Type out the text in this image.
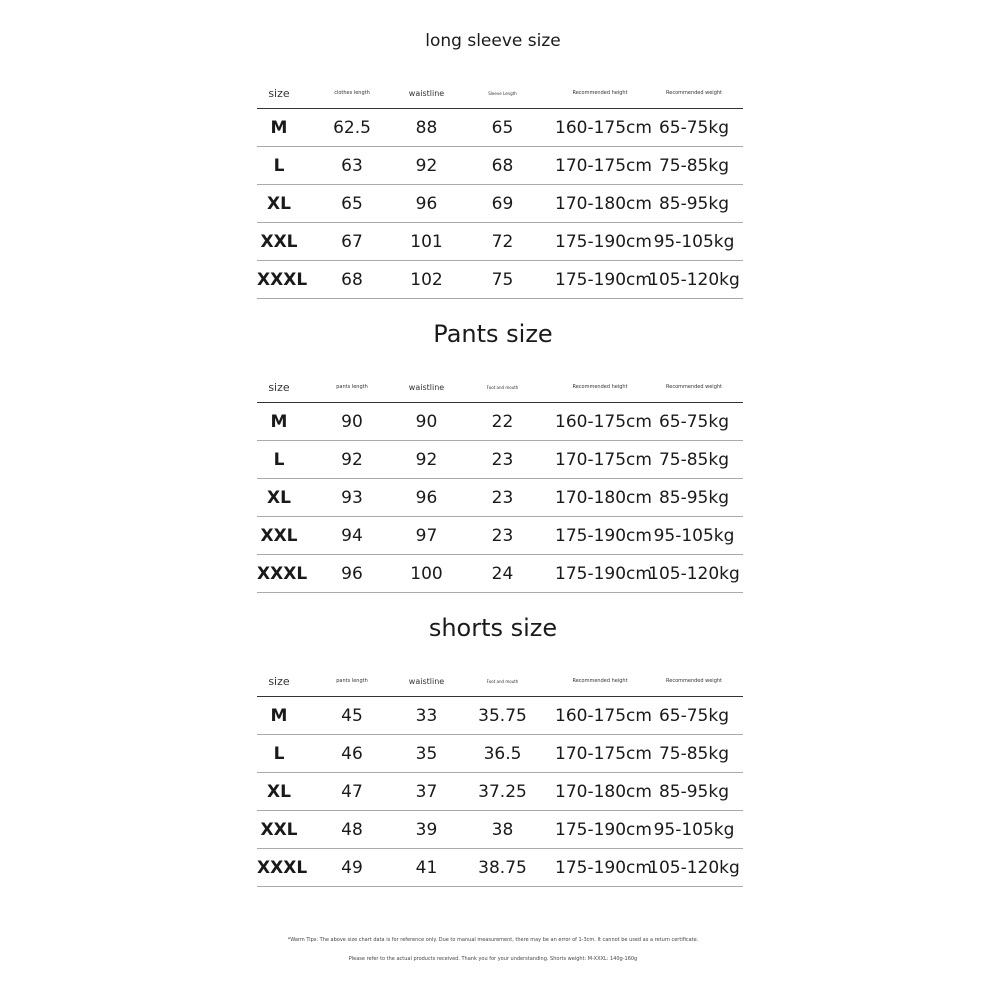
long sleeve size
size	clothes length	waistline	Sleeve Length	Recommended height	Recommended weight
M	62.5	88	65	160-175cm	65-75kg
L	63	92	68	170-175cm	75-85kg
XL	65	96	69	170-180cm	85-95kg
XXL	67	101	72	175-190cm	95-105kg
XXXL	68	102	75	175-190cm	105-120kg
Pants size
size	pants length	waistline	Foot and mouth	Recommended height	Recommended weight
M	90	90	22	160-175cm	65-75kg
L	92	92	23	170-175cm	75-85kg
XL	93	96	23	170-180cm	85-95kg
XXL	94	97	23	175-190cm	95-105kg
XXXL	96	100	24	175-190cm	105-120kg
shorts size
size	pants length	waistline	Foot and mouth	Recommended height	Recommended weight
M	45	33	35.75	160-175cm	65-75kg
L	46	35	36.5	170-175cm	75-85kg
XL	47	37	37.25	170-180cm	85-95kg
XXL	48	39	38	175-190cm	95-105kg
XXXL	49	41	38.75	175-190cm	105-120kg
*Warm Tips: The above size chart data is for reference only. Due to manual measurement, there may be an error of 1-3cm. It cannot be used as a return certificate.
Please refer to the actual products received. Thank you for your understanding. Shorts weight: M-XXXL: 140g-160g
